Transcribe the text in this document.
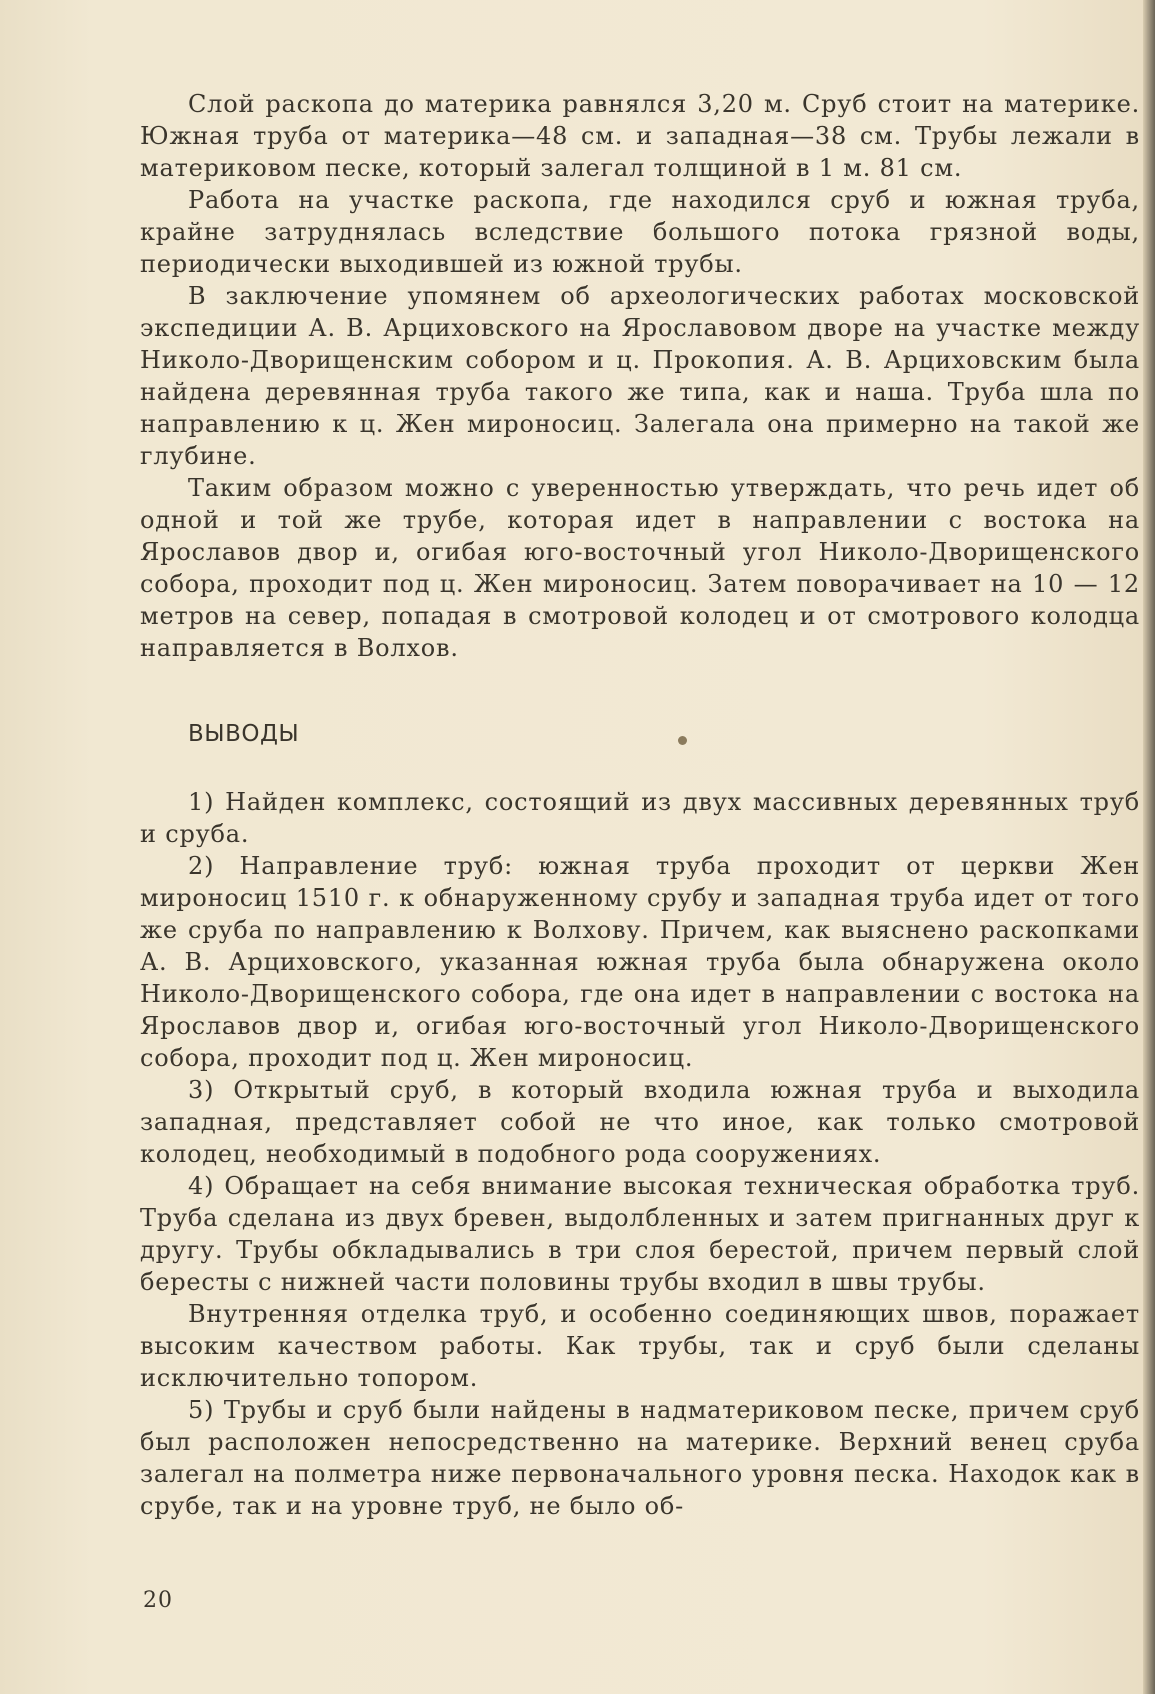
Слой раскопа до материка равнялся 3,20 м. Сруб стоит на материке. Южная труба от материка—48 см. и западная—38 см. Трубы лежали в материковом песке, который залегал толщиной в 1 м. 81 см.

Работа на участке раскопа, где находился сруб и южная труба, крайне затруднялась вследствие большого потока грязной воды, периодически выходившей из южной трубы.

В заключение упомянем об археологических работах московской экспедиции А. В. Арциховского на Ярославовом дворе на участке между Николо-Дворищенским собором и ц. Прокопия. А. В. Арциховским была найдена деревянная труба такого же типа, как и наша. Труба шла по направлению к ц. Жен мироносиц. Залегала она примерно на такой же глубине.

Таким образом можно с уверенностью утверждать, что речь идет об одной и той же трубе, которая идет в направлении с востока на Ярославов двор и, огибая юго-восточный угол Николо-Дворищенского собора, проходит под ц. Жен мироносиц. Затем поворачивает на 10 — 12 метров на север, попадая в смотровой колодец и от смотрового колодца направляется в Волхов.

ВЫВОДЫ

1) Найден комплекс, состоящий из двух массивных деревянных труб и сруба.

2) Направление труб: южная труба проходит от церкви Жен мироносиц 1510 г. к обнаруженному срубу и западная труба идет от того же сруба по направлению к Волхову. Причем, как выяснено раскопками А. В. Арциховского, указанная южная труба была обнаружена около Николо-Дворищенского собора, где она идет в направлении с востока на Ярославов двор и, огибая юго-восточный угол Николо-Дворищенского собора, проходит под ц. Жен мироносиц.

3) Открытый сруб, в который входила южная труба и выходила западная, представляет собой не что иное, как только смотровой колодец, необходимый в подобного рода сооружениях.

4) Обращает на себя внимание высокая техническая обработка труб. Труба сделана из двух бревен, выдолбленных и затем пригнанных друг к другу. Трубы обкладывались в три слоя берестой, причем первый слой бересты с нижней части половины трубы входил в швы трубы.

Внутренняя отделка труб, и особенно соединяющих швов, поражает высоким качеством работы. Как трубы, так и сруб были сделаны исключительно топором.

5) Трубы и сруб были найдены в надматериковом песке, причем сруб был расположен непосредственно на материке. Верхний венец сруба залегал на полметра ниже первоначального уровня песка. Находок как в срубе, так и на уровне труб, не было об-

20
